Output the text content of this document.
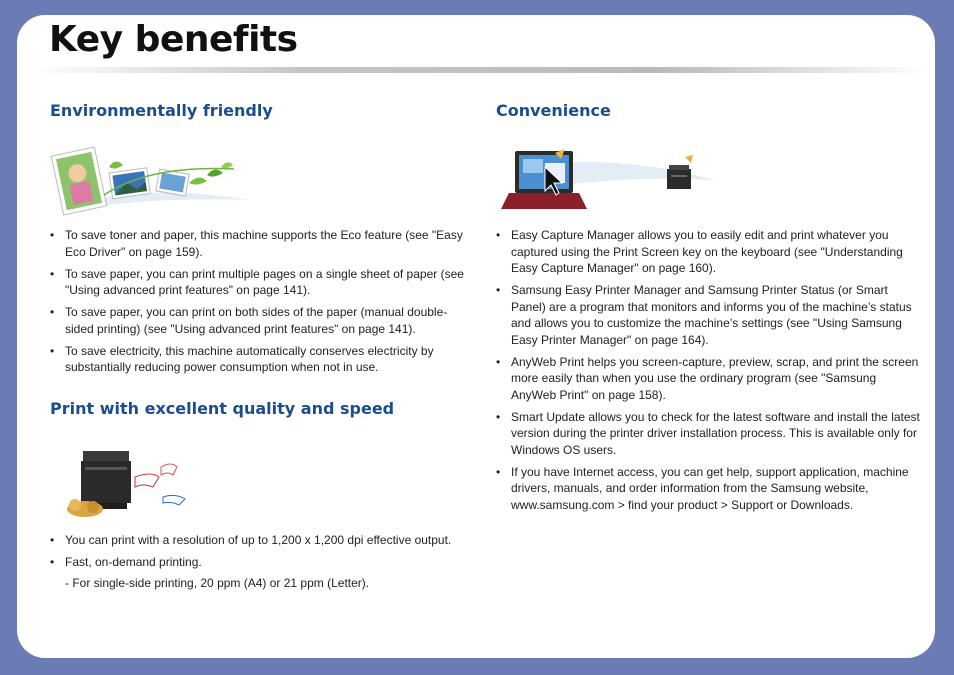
Key benefits
Environmentally friendly
• To save toner and paper, this machine supports the Eco feature (see "Easy Eco Driver" on page 159).
• To save paper, you can print multiple pages on a single sheet of paper (see "Using advanced print features" on page 141).
• To save paper, you can print on both sides of the paper (manual double-sided printing) (see "Using advanced print features" on page 141).
• To save electricity, this machine automatically conserves electricity by substantially reducing power consumption when not in use.
Print with excellent quality and speed
• You can print with a resolution of up to 1,200 x 1,200 dpi effective output.
• Fast, on-demand printing.
- For single-side printing, 20 ppm (A4) or 21 ppm (Letter).
Convenience
• Easy Capture Manager allows you to easily edit and print whatever you captured using the Print Screen key on the keyboard (see "Understanding Easy Capture Manager" on page 160).
• Samsung Easy Printer Manager and Samsung Printer Status (or Smart Panel) are a program that monitors and informs you of the machine’s status and allows you to customize the machine’s settings (see "Using Samsung Easy Printer Manager" on page 164).
• AnyWeb Print helps you screen-capture, preview, scrap, and print the screen more easily than when you use the ordinary program (see "Samsung AnyWeb Print" on page 158).
• Smart Update allows you to check for the latest software and install the latest version during the printer driver installation process. This is available only for Windows OS users.
• If you have Internet access, you can get help, support application, machine drivers, manuals, and order information from the Samsung website, www.samsung.com > find your product > Support or Downloads.
